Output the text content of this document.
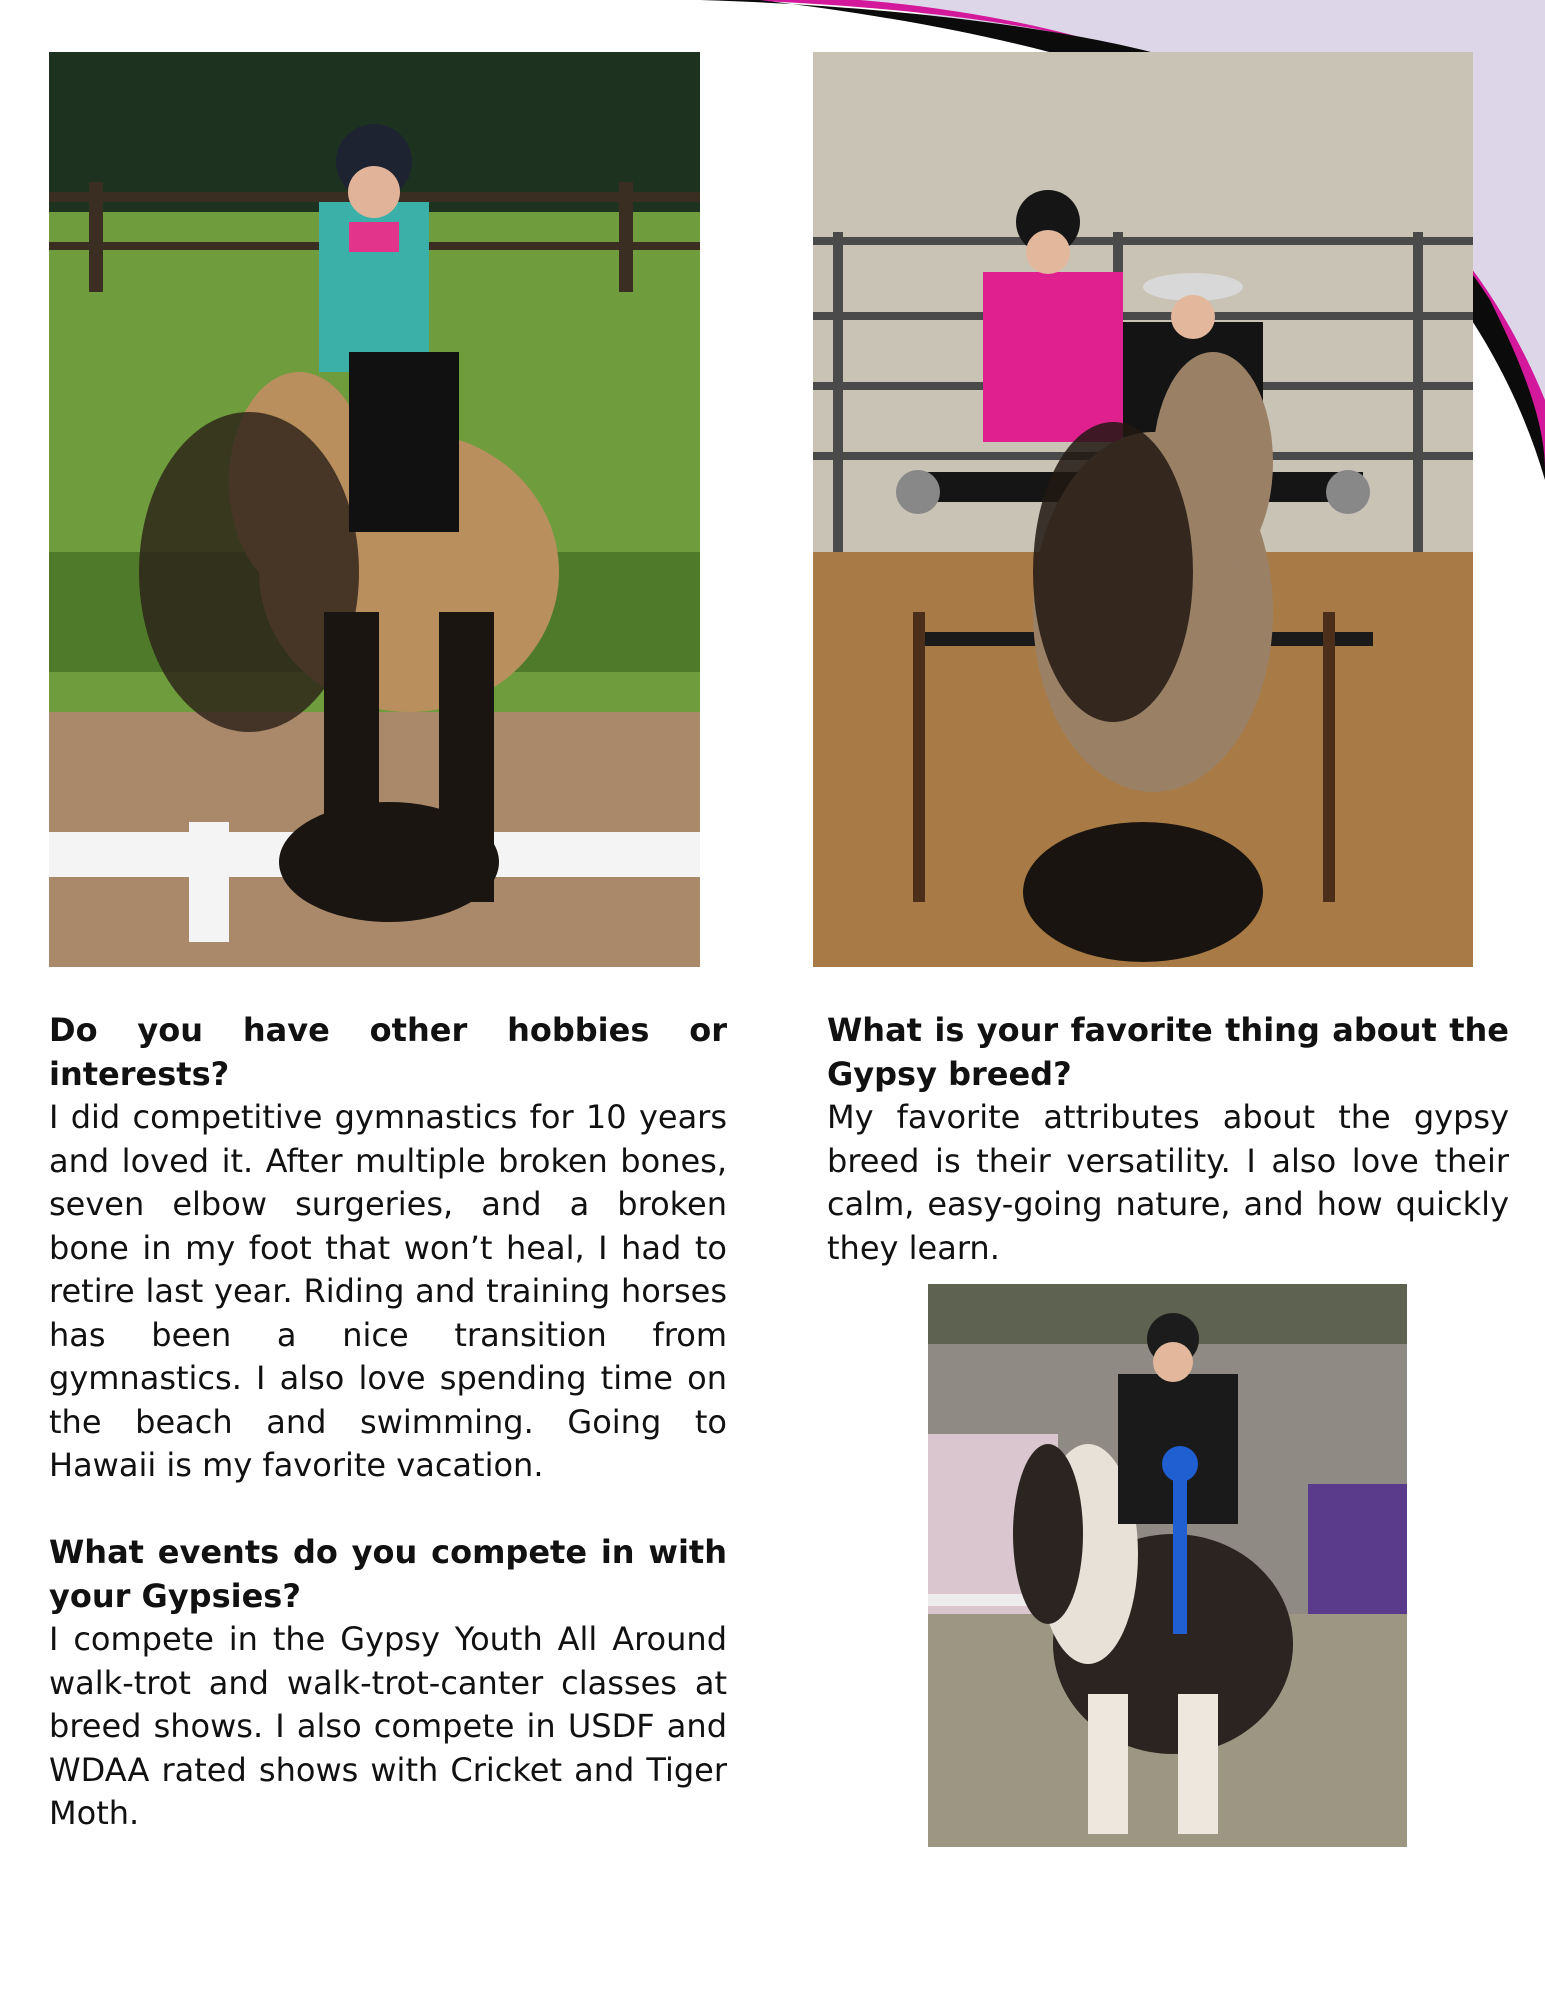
Do you have other hobbies or interests?
I did competitive gymnastics for 10 years and loved it. After multiple broken bones, seven elbow surgeries, and a broken bone in my foot that won’t heal, I had to retire last year. Riding and training horses has been a nice transition from gymnastics. I also love spending time on the beach and swimming. Going to Hawaii is my favorite vacation.
What events do you compete in with your Gypsies?
I compete in the Gypsy Youth All Around walk-trot and walk-trot-canter classes at breed shows. I also compete in USDF and WDAA rated shows with Cricket and Tiger Moth.
What is your favorite thing about the Gypsy breed?
My favorite attributes about the gypsy breed is their versatility. I also love their calm, easy-going nature, and how quickly they learn.
